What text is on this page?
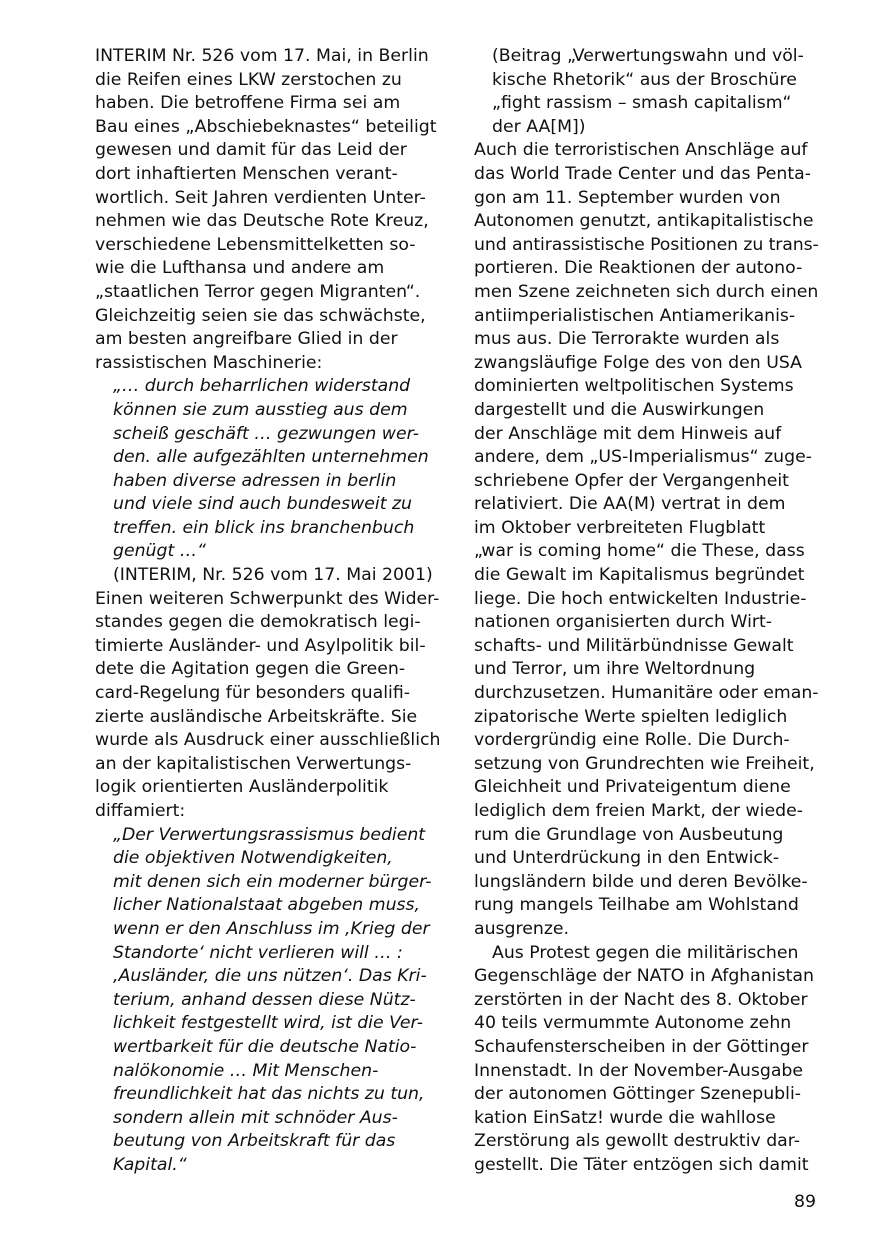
INTERIM Nr. 526 vom 17. Mai, in Berlin
die Reifen eines LKW zerstochen zu
haben. Die betroffene Firma sei am
Bau eines „Abschiebeknastes“ beteiligt
gewesen und damit für das Leid der
dort inhaftierten Menschen verant-
wortlich. Seit Jahren verdienten Unter-
nehmen wie das Deutsche Rote Kreuz,
verschiedene Lebensmittelketten so-
wie die Lufthansa und andere am
„staatlichen Terror gegen Migranten“.
Gleichzeitig seien sie das schwächste,
am besten angreifbare Glied in der
rassistischen Maschinerie:
„… durch beharrlichen widerstand
können sie zum ausstieg aus dem
scheiß geschäft … gezwungen wer-
den. alle aufgezählten unternehmen
haben diverse adressen in berlin
und viele sind auch bundesweit zu
treffen. ein blick ins branchenbuch
genügt …“
(INTERIM, Nr. 526 vom 17. Mai 2001)
Einen weiteren Schwerpunkt des Wider-
standes gegen die demokratisch legi-
timierte Ausländer- und Asylpolitik bil-
dete die Agitation gegen die Green-
card-Regelung für besonders qualifi-
zierte ausländische Arbeitskräfte. Sie
wurde als Ausdruck einer ausschließlich
an der kapitalistischen Verwertungs-
logik orientierten Ausländerpolitik
diffamiert:
„Der Verwertungsrassismus bedient
die objektiven Notwendigkeiten,
mit denen sich ein moderner bürger-
licher Nationalstaat abgeben muss,
wenn er den Anschluss im ‚Krieg der
Standorte‘ nicht verlieren will … :
‚Ausländer, die uns nützen‘. Das Kri-
terium, anhand dessen diese Nütz-
lichkeit festgestellt wird, ist die Ver-
wertbarkeit für die deutsche Natio-
nalökonomie … Mit Menschen-
freundlichkeit hat das nichts zu tun,
sondern allein mit schnöder Aus-
beutung von Arbeitskraft für das
Kapital.“
(Beitrag „Verwertungswahn und völ-
kische Rhetorik“ aus der Broschüre
„fight rassism – smash capitalism“
der AA[M])
Auch die terroristischen Anschläge auf
das World Trade Center und das Penta-
gon am 11. September wurden von
Autonomen genutzt, antikapitalistische
und antirassistische Positionen zu trans-
portieren. Die Reaktionen der autono-
men Szene zeichneten sich durch einen
antiimperialistischen Antiamerikanis-
mus aus. Die Terrorakte wurden als
zwangsläufige Folge des von den USA
dominierten weltpolitischen Systems
dargestellt und die Auswirkungen
der Anschläge mit dem Hinweis auf
andere, dem „US-Imperialismus“ zuge-
schriebene Opfer der Vergangenheit
relativiert. Die AA(M) vertrat in dem
im Oktober verbreiteten Flugblatt
„war is coming home“ die These, dass
die Gewalt im Kapitalismus begründet
liege. Die hoch entwickelten Industrie-
nationen organisierten durch Wirt-
schafts- und Militärbündnisse Gewalt
und Terror, um ihre Weltordnung
durchzusetzen. Humanitäre oder eman-
zipatorische Werte spielten lediglich
vordergründig eine Rolle. Die Durch-
setzung von Grundrechten wie Freiheit,
Gleichheit und Privateigentum diene
lediglich dem freien Markt, der wiede-
rum die Grundlage von Ausbeutung
und Unterdrückung in den Entwick-
lungsländern bilde und deren Bevölke-
rung mangels Teilhabe am Wohlstand
ausgrenze.
Aus Protest gegen die militärischen
Gegenschläge der NATO in Afghanistan
zerstörten in der Nacht des 8. Oktober
40 teils vermummte Autonome zehn
Schaufensterscheiben in der Göttinger
Innenstadt. In der November-Ausgabe
der autonomen Göttinger Szenepubli-
kation EinSatz! wurde die wahllose
Zerstörung als gewollt destruktiv dar-
gestellt. Die Täter entzögen sich damit
89
